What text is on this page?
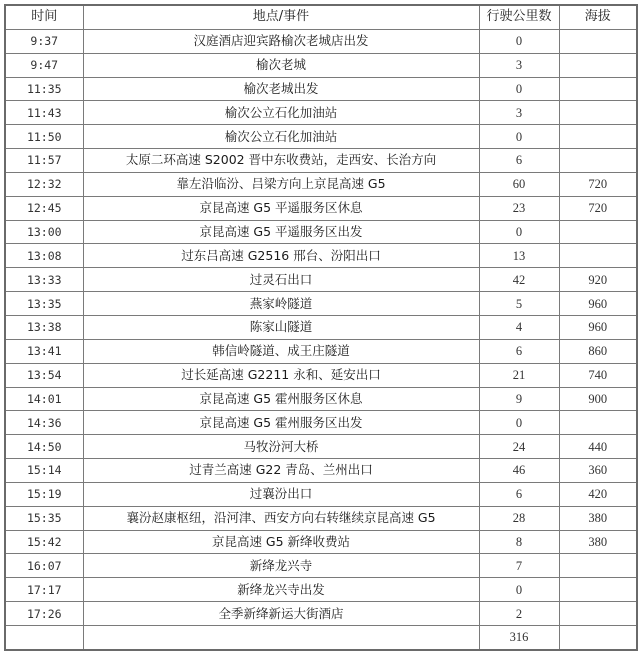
时间	地点/事件	行驶公里数	海拔
9:37	汉庭酒店迎宾路榆次老城店出发	0	
9:47	榆次老城	3	
11:35	榆次老城出发	0	
11:43	榆次公立石化加油站	3	
11:50	榆次公立石化加油站	0	
11:57	太原二环高速 S2002 晋中东收费站，走西安、长治方向	6	
12:32	靠左沿临汾、吕梁方向上京昆高速 G5	60	720
12:45	京昆高速 G5 平遥服务区休息	23	720
13:00	京昆高速 G5 平遥服务区出发	0	
13:08	过东吕高速 G2516 邢台、汾阳出口	13	
13:33	过灵石出口	42	920
13:35	燕家岭隧道	5	960
13:38	陈家山隧道	4	960
13:41	韩信岭隧道、成王庄隧道	6	860
13:54	过长延高速 G2211 永和、延安出口	21	740
14:01	京昆高速 G5 霍州服务区休息	9	900
14:36	京昆高速 G5 霍州服务区出发	0	
14:50	马牧汾河大桥	24	440
15:14	过青兰高速 G22 青岛、兰州出口	46	360
15:19	过襄汾出口	6	420
15:35	襄汾赵康枢纽，沿河津、西安方向右转继续京昆高速 G5	28	380
15:42	京昆高速 G5 新绛收费站	8	380
16:07	新绛龙兴寺	7	
17:17	新绛龙兴寺出发	0	
17:26	全季新绛新运大街酒店	2	
		316	
